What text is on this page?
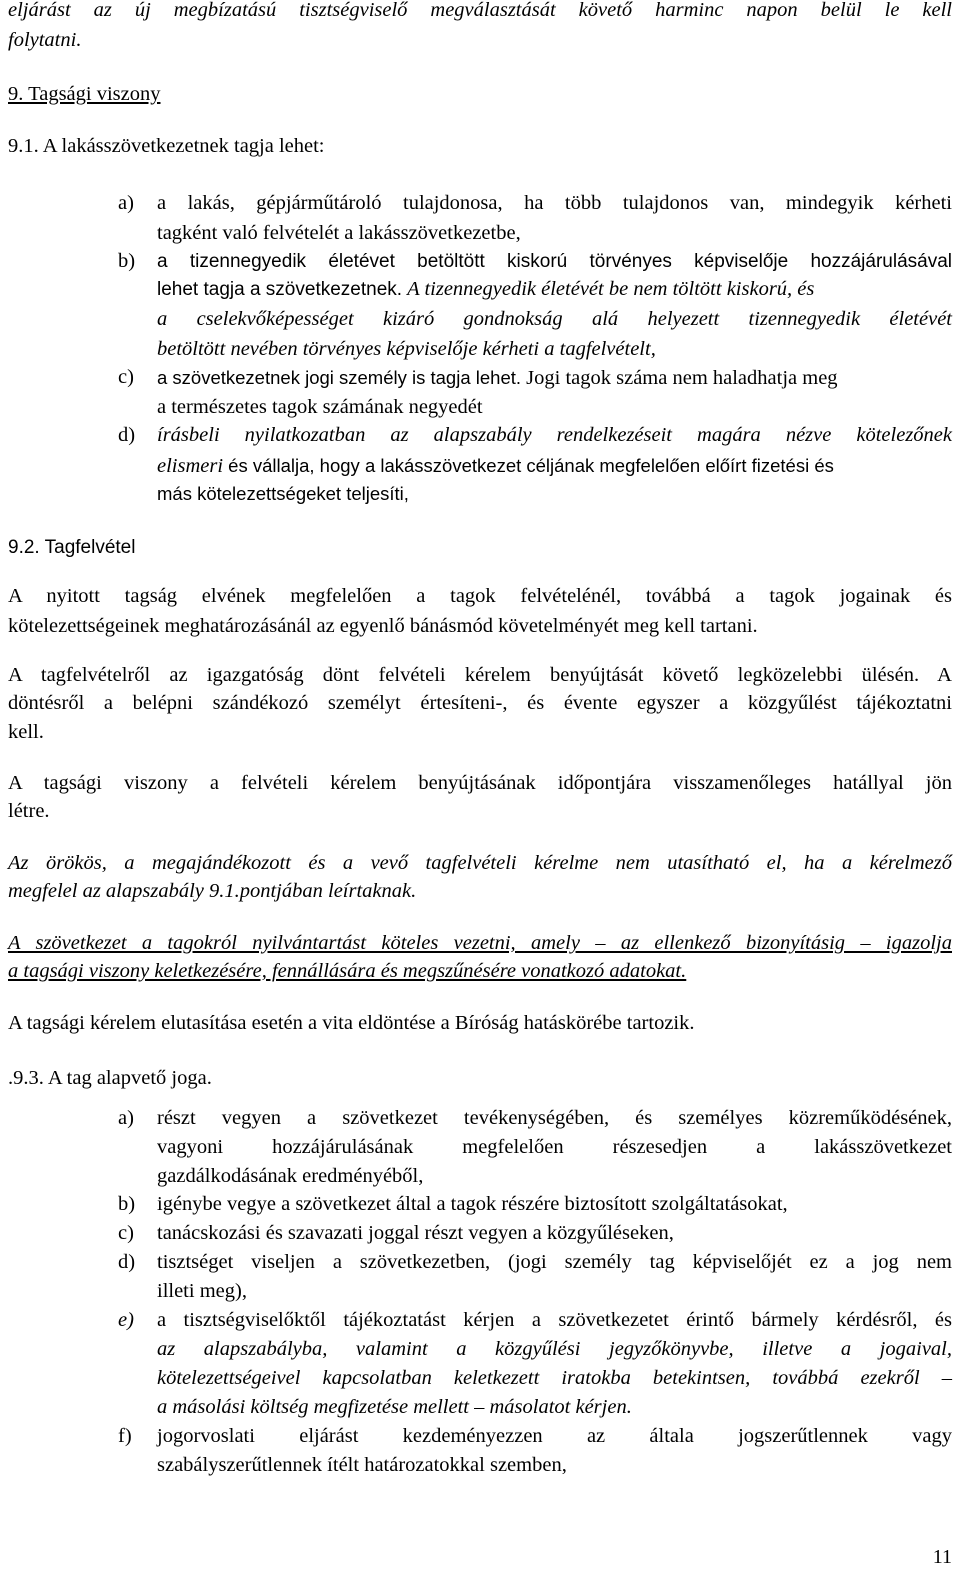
eljárást az új megbízatású tisztségviselő megválasztását követő harminc napon belül le kell
folytatni.
9. Tagsági viszony
9.1. A lakásszövetkezetnek tagja lehet:
a) a lakás, gépjárműtároló tulajdonosa, ha több tulajdonos van, mindegyik kérheti
tagként való felvételét a lakásszövetkezetbe,
b) a tizennegyedik életévet betöltött kiskorú törvényes képviselője hozzájárulásával
lehet tagja a szövetkezetnek. A tizennegyedik életévét be nem töltött kiskorú, és
a cselekvőképességet kizáró gondnokság alá helyezett tizennegyedik életévét
betöltött nevében törvényes képviselője kérheti a tagfelvételt,
c) a szövetkezetnek jogi személy is tagja lehet. Jogi tagok száma nem haladhatja meg
a természetes tagok számának negyedét
d) írásbeli nyilatkozatban az alapszabály rendelkezéseit magára nézve kötelezőnek
elismeri és vállalja, hogy a lakásszövetkezet céljának megfelelően előírt fizetési és
más kötelezettségeket teljesíti,
9.2. Tagfelvétel
A nyitott tagság elvének megfelelően a tagok felvételénél, továbbá a tagok jogainak és
kötelezettségeinek meghatározásánál az egyenlő bánásmód követelményét meg kell tartani.
A tagfelvételről az igazgatóság dönt felvételi kérelem benyújtását követő legközelebbi ülésén. A
döntésről a belépni szándékozó személyt értesíteni-, és évente egyszer a közgyűlést tájékoztatni
kell.
A tagsági viszony a felvételi kérelem benyújtásának időpontjára visszamenőleges hatállyal jön
létre.
Az örökös, a megajándékozott és a vevő tagfelvételi kérelme nem utasítható el, ha a kérelmező
megfelel az alapszabály 9.1.pontjában leírtaknak.
A szövetkezet a tagokról nyilvántartást köteles vezetni, amely – az ellenkező bizonyításig – igazolja
a tagsági viszony keletkezésére, fennállására és megszűnésére vonatkozó adatokat.
A tagsági kérelem elutasítása esetén a vita eldöntése a Bíróság hatáskörébe tartozik.
.9.3. A tag alapvető joga.
a) részt vegyen a szövetkezet tevékenységében, és személyes közreműködésének,
vagyoni hozzájárulásának megfelelően részesedjen a lakásszövetkezet
gazdálkodásának eredményéből,
b) igénybe vegye a szövetkezet által a tagok részére biztosított szolgáltatásokat,
c) tanácskozási és szavazati joggal részt vegyen a közgyűléseken,
d) tisztséget viseljen a szövetkezetben, (jogi személy tag képviselőjét ez a jog nem
illeti meg),
e) a tisztségviselőktől tájékoztatást kérjen a szövetkezetet érintő bármely kérdésről, és
az alapszabályba, valamint a közgyűlési jegyzőkönyvbe, illetve a jogaival,
kötelezettségeivel kapcsolatban keletkezett iratokba betekintsen, továbbá ezekről –
a másolási költség megfizetése mellett – másolatot kérjen.
f) jogorvoslati eljárást kezdeményezzen az általa jogszerűtlennek vagy
szabályszerűtlennek ítélt határozatokkal szemben,
11
